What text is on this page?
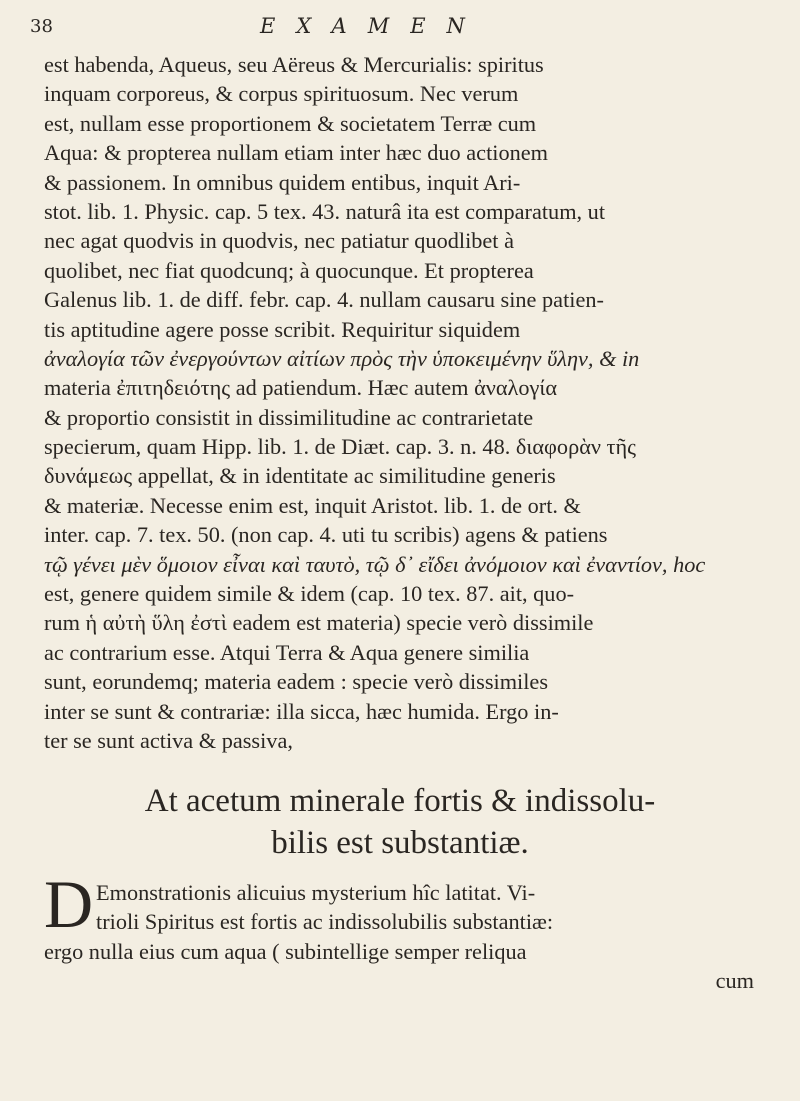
38	EXAMEN
est habenda, Aqueus, seu Aëreus & Mercurialis: spiritus
inquam corporeus, & corpus spirituosum. Nec verum
est, nullam esse proportionem & societatem Terræ cum
Aqua: & propterea nullam etiam inter hæc duo actionem
& passionem. In omnibus quidem entibus, inquit Ari-
stot. lib. 1. Physic. cap. 5 tex. 43. naturâ ita est comparatum, ut
nec agat quodvis in quodvis, nec patiatur quodlibet à
quolibet, nec fiat quodcunq; à quocunque. Et propterea
Galenus lib. 1. de diff. febr. cap. 4. nullam causaru sine patien-
tis aptitudine agere posse scribit. Requiritur siquidem
ἀναλογία τῶν ἐνεργούντων αἰτίων πρὸς τὴν ὑποκειμένην ὕλην, & in
materia ἐπιτηδειότης ad patiendum. Hæc autem ἀναλογία
& proportio consistit in dissimilitudine ac contrarietate
specierum, quam Hipp. lib. 1. de Diæt. cap. 3. n. 48. διαφορὰν τῆς
δυνάμεως appellat, & in identitate ac similitudine generis
& materiæ. Necesse enim est, inquit Aristot. lib. 1. de ort. &
inter. cap. 7. tex. 50. (non cap. 4. uti tu scribis) agens & patiens
τῷ γένει μὲν ὅμοιον εἶναι καὶ ταυτὸ, τῷ δ᾽ εἴδει ἀνόμοιον καὶ ἐναντίον, hoc
est, genere quidem simile & idem (cap. 10 tex. 87. ait, quo-
rum ἡ αὐτὴ ὕλη ἐστὶ eadem est materia) specie verò dissimile
ac contrarium esse. Atqui Terra & Aqua genere similia
sunt, eorundemq; materia eadem : specie verò dissimiles
inter se sunt & contrariæ: illa sicca, hæc humida. Ergo in-
ter se sunt activa & passiva,
At acetum minerale fortis & indissolu-
bilis est substantiæ.
D Emonstrationis alicuius mysterium hîc latitat. Vi-
trioli Spiritus est fortis ac indissolubilis substantiæ:
ergo nulla eius cum aqua ( subintellige semper reliqua
cum
